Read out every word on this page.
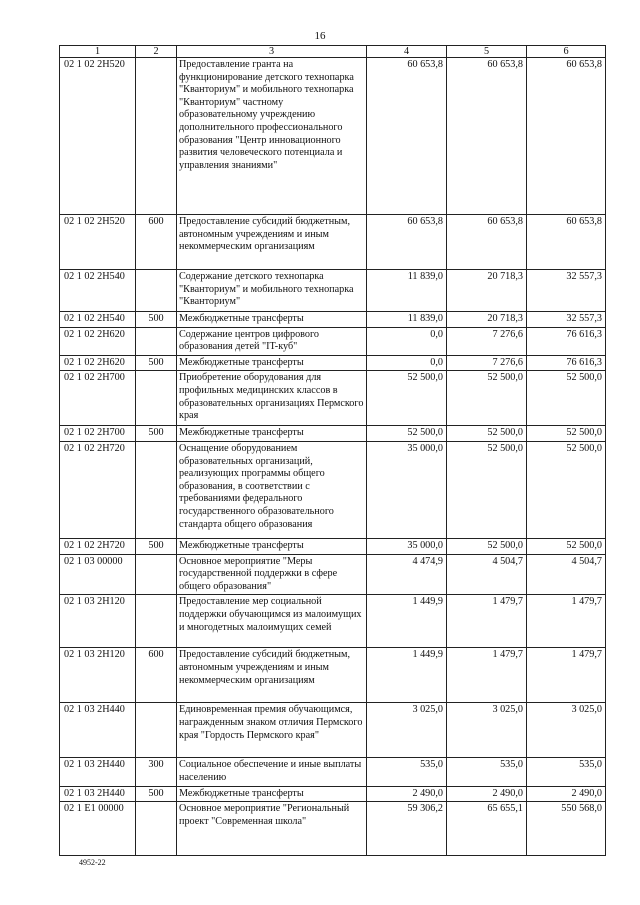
16
1	2	3	4	5	6
02 1 02 2Н520		Предоставление гранта на функционирование детского технопарка "Кванториум" и мобильного технопарка "Кванториум" частному образовательному учреждению дополнительного профессионального образования "Центр инновационного развития человеческого потенциала и управления знаниями"	60 653,8	60 653,8	60 653,8
02 1 02 2Н520	600	Предоставление субсидий бюджетным, автономным учреждениям и иным некоммерческим организациям	60 653,8	60 653,8	60 653,8
02 1 02 2Н540		Содержание детского технопарка "Кванториум" и мобильного технопарка "Кванториум"	11 839,0	20 718,3	32 557,3
02 1 02 2Н540	500	Межбюджетные трансферты	11 839,0	20 718,3	32 557,3
02 1 02 2Н620		Содержание центров цифрового образования детей "IT-куб"	0,0	7 276,6	76 616,3
02 1 02 2Н620	500	Межбюджетные трансферты	0,0	7 276,6	76 616,3
02 1 02 2Н700		Приобретение оборудования для профильных медицинских классов в образовательных организациях Пермского края	52 500,0	52 500,0	52 500,0
02 1 02 2Н700	500	Межбюджетные трансферты	52 500,0	52 500,0	52 500,0
02 1 02 2Н720		Оснащение оборудованием образовательных организаций, реализующих программы общего образования, в соответствии с требованиями федерального государственного образовательного стандарта общего образования	35 000,0	52 500,0	52 500,0
02 1 02 2Н720	500	Межбюджетные трансферты	35 000,0	52 500,0	52 500,0
02 1 03 00000		Основное мероприятие "Меры государственной поддержки в сфере общего образования"	4 474,9	4 504,7	4 504,7
02 1 03 2Н120		Предоставление мер социальной поддержки обучающимся из малоимущих и многодетных малоимущих семей	1 449,9	1 479,7	1 479,7
02 1 03 2Н120	600	Предоставление субсидий бюджетным, автономным учреждениям и иным некоммерческим организациям	1 449,9	1 479,7	1 479,7
02 1 03 2Н440		Единовременная премия обучающимся, награжденным знаком отличия Пермского края "Гордость Пермского края"	3 025,0	3 025,0	3 025,0
02 1 03 2Н440	300	Социальное обеспечение и иные выплаты населению	535,0	535,0	535,0
02 1 03 2Н440	500	Межбюджетные трансферты	2 490,0	2 490,0	2 490,0
02 1 Е1 00000		Основное мероприятие "Региональный проект "Современная школа"	59 306,2	65 655,1	550 568,0
4952-22
